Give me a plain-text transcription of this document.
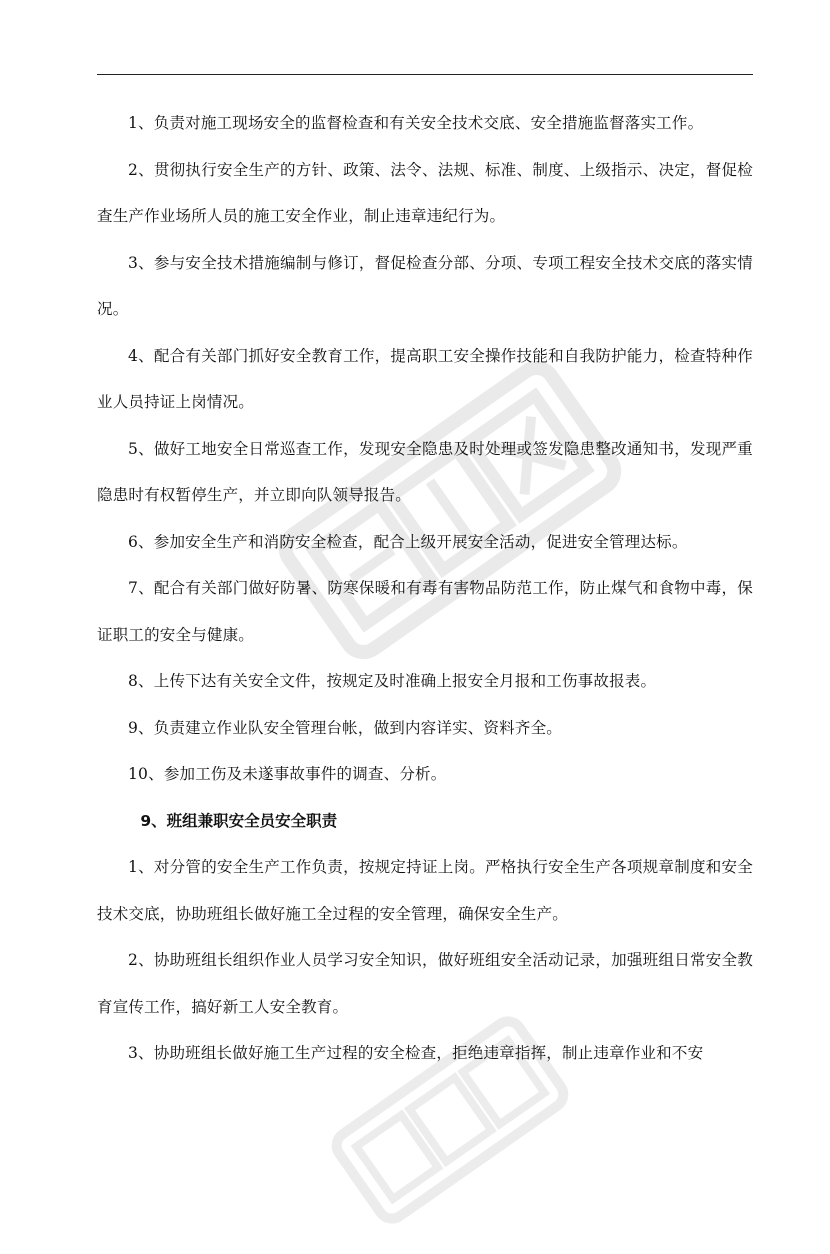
1、负责对施工现场安全的监督检查和有关安全技术交底、安全措施监督落实工作。

2、贯彻执行安全生产的方针、政策、法令、法规、标准、制度、上级指示、决定，督促检查生产作业场所人员的施工安全作业，制止违章违纪行为。

3、参与安全技术措施编制与修订，督促检查分部、分项、专项工程安全技术交底的落实情况。

4、配合有关部门抓好安全教育工作，提高职工安全操作技能和自我防护能力，检查特种作业人员持证上岗情况。

5、做好工地安全日常巡查工作，发现安全隐患及时处理或签发隐患整改通知书，发现严重隐患时有权暂停生产，并立即向队领导报告。

6、参加安全生产和消防安全检查，配合上级开展安全活动，促进安全管理达标。

7、配合有关部门做好防暑、防寒保暖和有毒有害物品防范工作，防止煤气和食物中毒，保证职工的安全与健康。

8、上传下达有关安全文件，按规定及时准确上报安全月报和工伤事故报表。

9、负责建立作业队安全管理台帐，做到内容详实、资料齐全。

10、参加工伤及未遂事故事件的调查、分析。

9、班组兼职安全员安全职责

1、对分管的安全生产工作负责，按规定持证上岗。严格执行安全生产各项规章制度和安全技术交底，协助班组长做好施工全过程的安全管理，确保安全生产。

2、协助班组长组织作业人员学习安全知识，做好班组安全活动记录，加强班组日常安全教育宣传工作，搞好新工人安全教育。

3、协助班组长做好施工生产过程的安全检查，拒绝违章指挥，制止违章作业和不安
